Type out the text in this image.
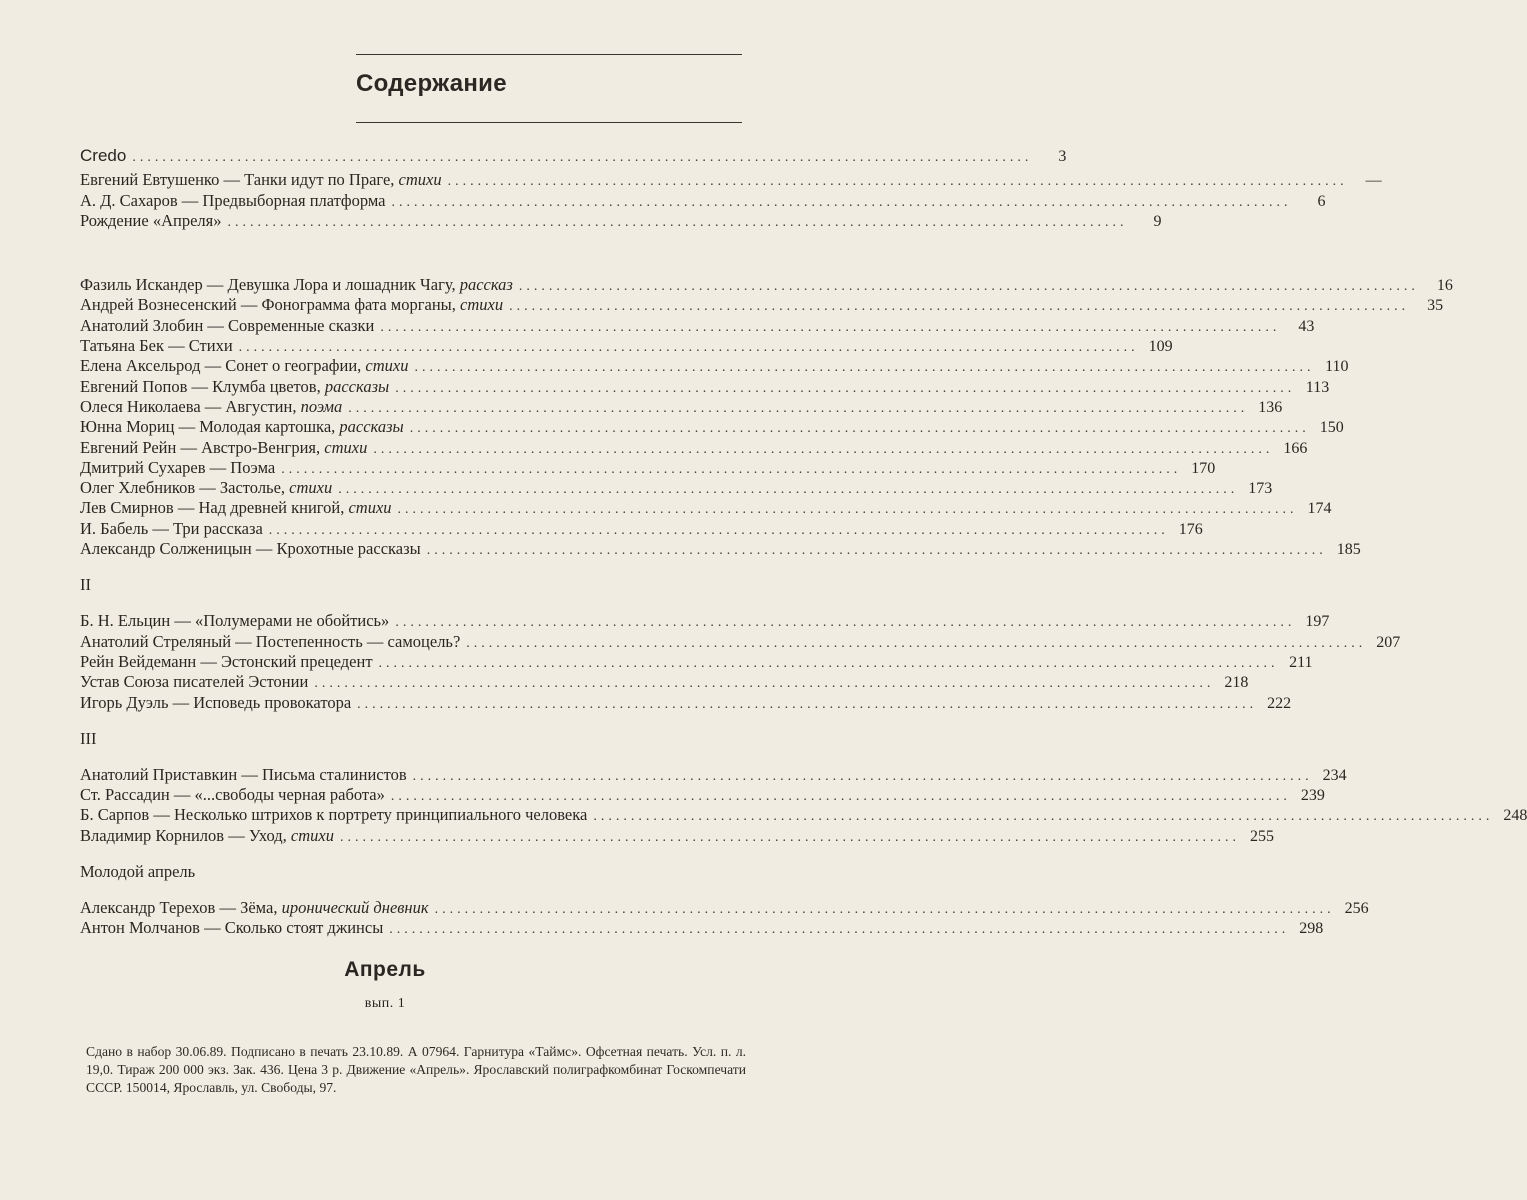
Содержание
Credo ........................................................................................................................	3
Евгений Евтушенко — Танки идут по Праге, стихи ........................................................................................................................	—
А. Д. Сахаров — Предвыборная платформа ........................................................................................................................	6
Рождение «Апреля» ........................................................................................................................	9
Фазиль Искандер — Девушка Лора и лошадник Чагу, рассказ ........................................................................................................................	16
Андрей Вознесенский — Фонограмма фата морганы, стихи ........................................................................................................................	35
Анатолий Злобин — Современные сказки ........................................................................................................................	43
Татьяна Бек — Стихи ........................................................................................................................ 109
Елена Аксельрод — Сонет о географии, стихи ........................................................................................................................ 110
Евгений Попов — Клумба цветов, рассказы ........................................................................................................................ 113
Олеся Николаева — Августин, поэма ........................................................................................................................ 136
Юнна Мориц — Молодая картошка, рассказы ........................................................................................................................ 150
Евгений Рейн — Австро-Венгрия, стихи ........................................................................................................................ 166
Дмитрий Сухарев — Поэма ........................................................................................................................ 170
Олег Хлебников — Застолье, стихи ........................................................................................................................ 173
Лев Смирнов — Над древней книгой, стихи ........................................................................................................................ 174
И. Бабель — Три рассказа ........................................................................................................................ 176
Александр Солженицын — Крохотные рассказы ........................................................................................................................ 185
II
Б. Н. Ельцин — «Полумерами не обойтись» ........................................................................................................................ 197
Анатолий Стреляный — Постепенность — самоцель? ........................................................................................................................ 207
Рейн Вейдеманн — Эстонский прецедент ........................................................................................................................ 211
Устав Союза писателей Эстонии ........................................................................................................................ 218
Игорь Дуэль — Исповедь провокатора ........................................................................................................................ 222
III
Анатолий Приставкин — Письма сталинистов ........................................................................................................................ 234
Ст. Рассадин — «...свободы черная работа» ........................................................................................................................ 239
Б. Сарпов — Несколько штрихов к портрету принципиального человека ........................................................................................................................ 248
Владимир Корнилов — Уход, стихи ........................................................................................................................ 255
Молодой апрель
Александр Терехов — Зёма, иронический дневник ........................................................................................................................ 256
Антон Молчанов — Сколько стоят джинсы ........................................................................................................................ 298
Апрель
вып. 1
Сдано в набор 30.06.89. Подписано в печать 23.10.89. А 07964. Гарнитура «Таймс». Офсетная печать. Усл. п. л. 19,0. Тираж 200 000 экз. Зак. 436. Цена 3 р. Движение «Апрель». Ярославский полиграфкомбинат Госкомпечати СССР. 150014, Ярославль, ул. Свободы, 97.
